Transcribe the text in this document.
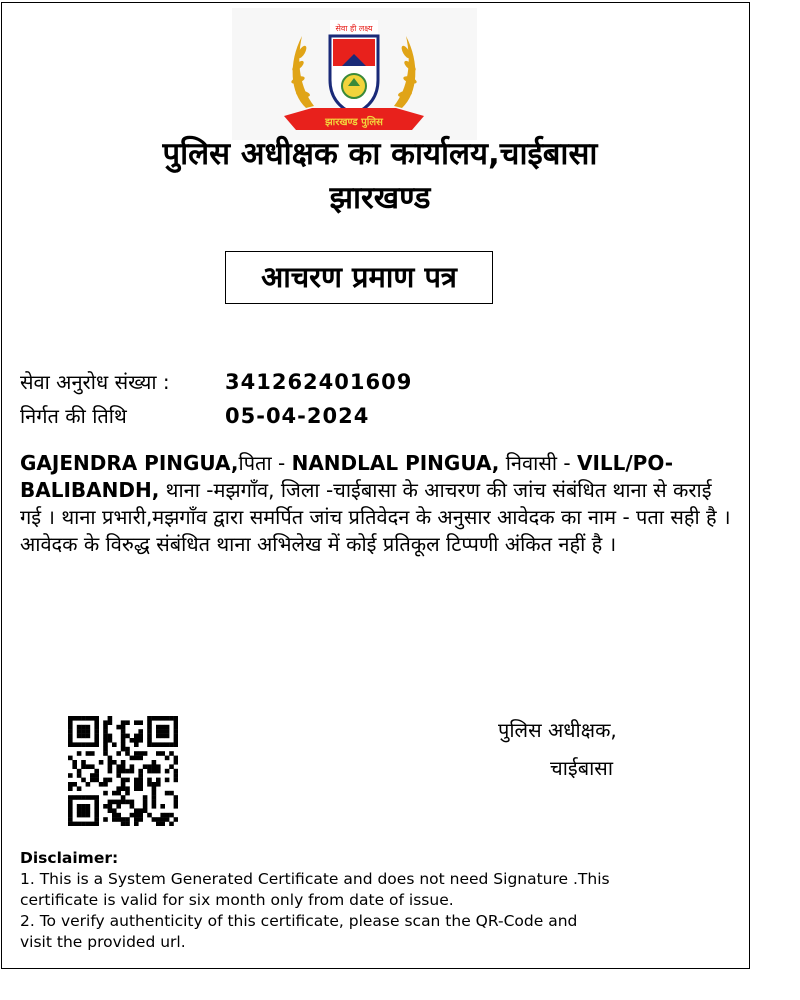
सेवा ही लक्ष्य
झारखण्ड पुलिस
पुलिस अधीक्षक का कार्यालय,चाईबासा
झारखण्ड
आचरण प्रमाण पत्र
सेवा अनुरोध संख्या :	341262401609
निर्गत की तिथि	05-04-2024
GAJENDRA PINGUA,पिता - NANDLAL PINGUA, निवासी - VILL/PO-BALIBANDH, थाना -मझगाँव, जिला -चाईबासा के आचरण की जांच संबंधित थाना से कराई गई । थाना प्रभारी,मझगाँव द्वारा समर्पित जांच प्रतिवेदन के अनुसार आवेदक का नाम - पता सही है । आवेदक के विरुद्ध संबंधित थाना अभिलेख में कोई प्रतिकूल टिप्पणी अंकित नहीं है ।
पुलिस अधीक्षक,
चाईबासा
Disclaimer:
1. This is a System Generated Certificate and does not need Signature .This
certificate is valid for six month only from date of issue.
2. To verify authenticity of this certificate, please scan the QR-Code and
visit the provided url.
